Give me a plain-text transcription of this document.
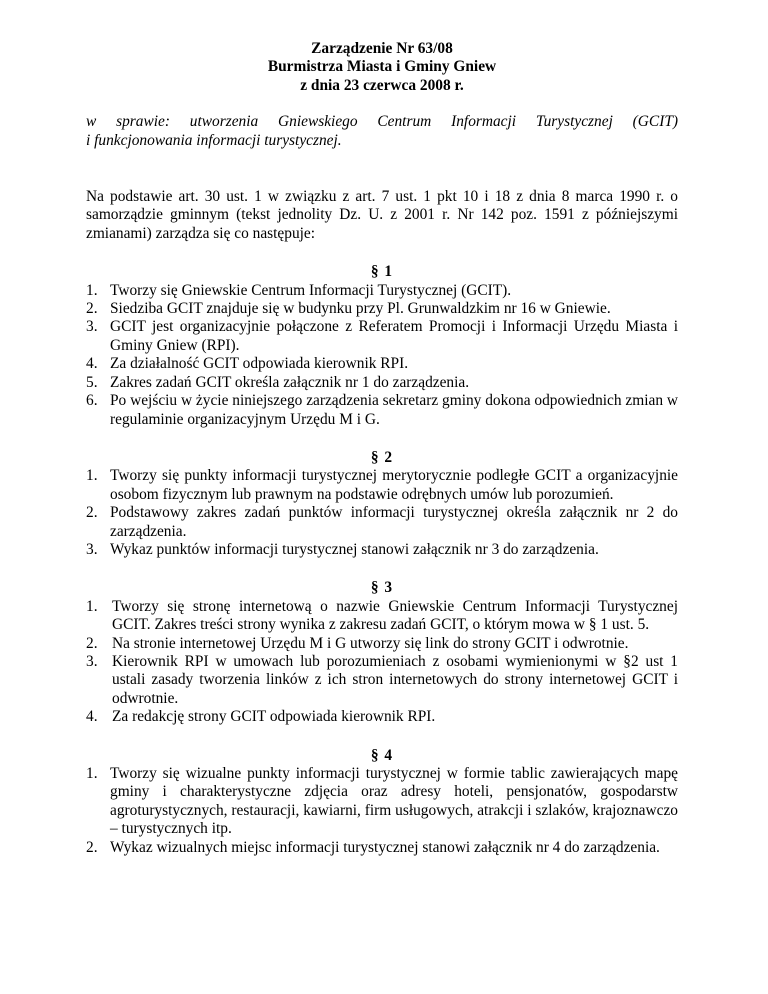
Zarządzenie Nr 63/08
Burmistrza Miasta i Gminy Gniew
z dnia 23 czerwca 2008 r.
w sprawie: utworzenia Gniewskiego Centrum Informacji Turystycznej (GCIT)
i funkcjonowania informacji turystycznej.
Na podstawie art. 30 ust. 1 w związku z art. 7 ust. 1 pkt 10 i 18 z dnia 8 marca 1990 r. o samorządzie gminnym (tekst jednolity Dz. U. z 2001 r. Nr 142 poz. 1591 z późniejszymi zmianami) zarządza się co następuje:
§ 1
1. Tworzy się Gniewskie Centrum Informacji Turystycznej (GCIT).
2. Siedziba GCIT znajduje się w budynku przy Pl. Grunwaldzkim nr 16 w Gniewie.
3. GCIT jest organizacyjnie połączone z Referatem Promocji i Informacji Urzędu Miasta i Gminy Gniew (RPI).
4. Za działalność GCIT odpowiada kierownik RPI.
5. Zakres zadań GCIT określa załącznik nr 1 do zarządzenia.
6. Po wejściu w życie niniejszego zarządzenia sekretarz gminy dokona odpowiednich zmian w regulaminie organizacyjnym Urzędu M i G.
§ 2
1. Tworzy się punkty informacji turystycznej merytorycznie podległe GCIT a organizacyjnie osobom fizycznym lub prawnym na podstawie odrębnych umów lub porozumień.
2. Podstawowy zakres zadań punktów informacji turystycznej określa załącznik nr 2 do zarządzenia.
3. Wykaz punktów informacji turystycznej stanowi załącznik nr 3 do zarządzenia.
§ 3
1. Tworzy się stronę internetową o nazwie Gniewskie Centrum Informacji Turystycznej GCIT. Zakres treści strony wynika z zakresu zadań GCIT, o którym mowa w § 1 ust. 5.
2. Na stronie internetowej Urzędu M i G utworzy się link do strony GCIT i odwrotnie.
3. Kierownik RPI w umowach lub porozumieniach z osobami wymienionymi w §2 ust 1 ustali zasady tworzenia linków z ich stron internetowych do strony internetowej GCIT i odwrotnie.
4. Za redakcję strony GCIT odpowiada kierownik RPI.
§ 4
1. Tworzy się wizualne punkty informacji turystycznej w formie tablic zawierających mapę gminy i charakterystyczne zdjęcia oraz adresy hoteli, pensjonatów, gospodarstw agroturystycznych, restauracji, kawiarni, firm usługowych, atrakcji i szlaków, krajoznawczo – turystycznych itp.
2. Wykaz wizualnych miejsc informacji turystycznej stanowi załącznik nr 4 do zarządzenia.
